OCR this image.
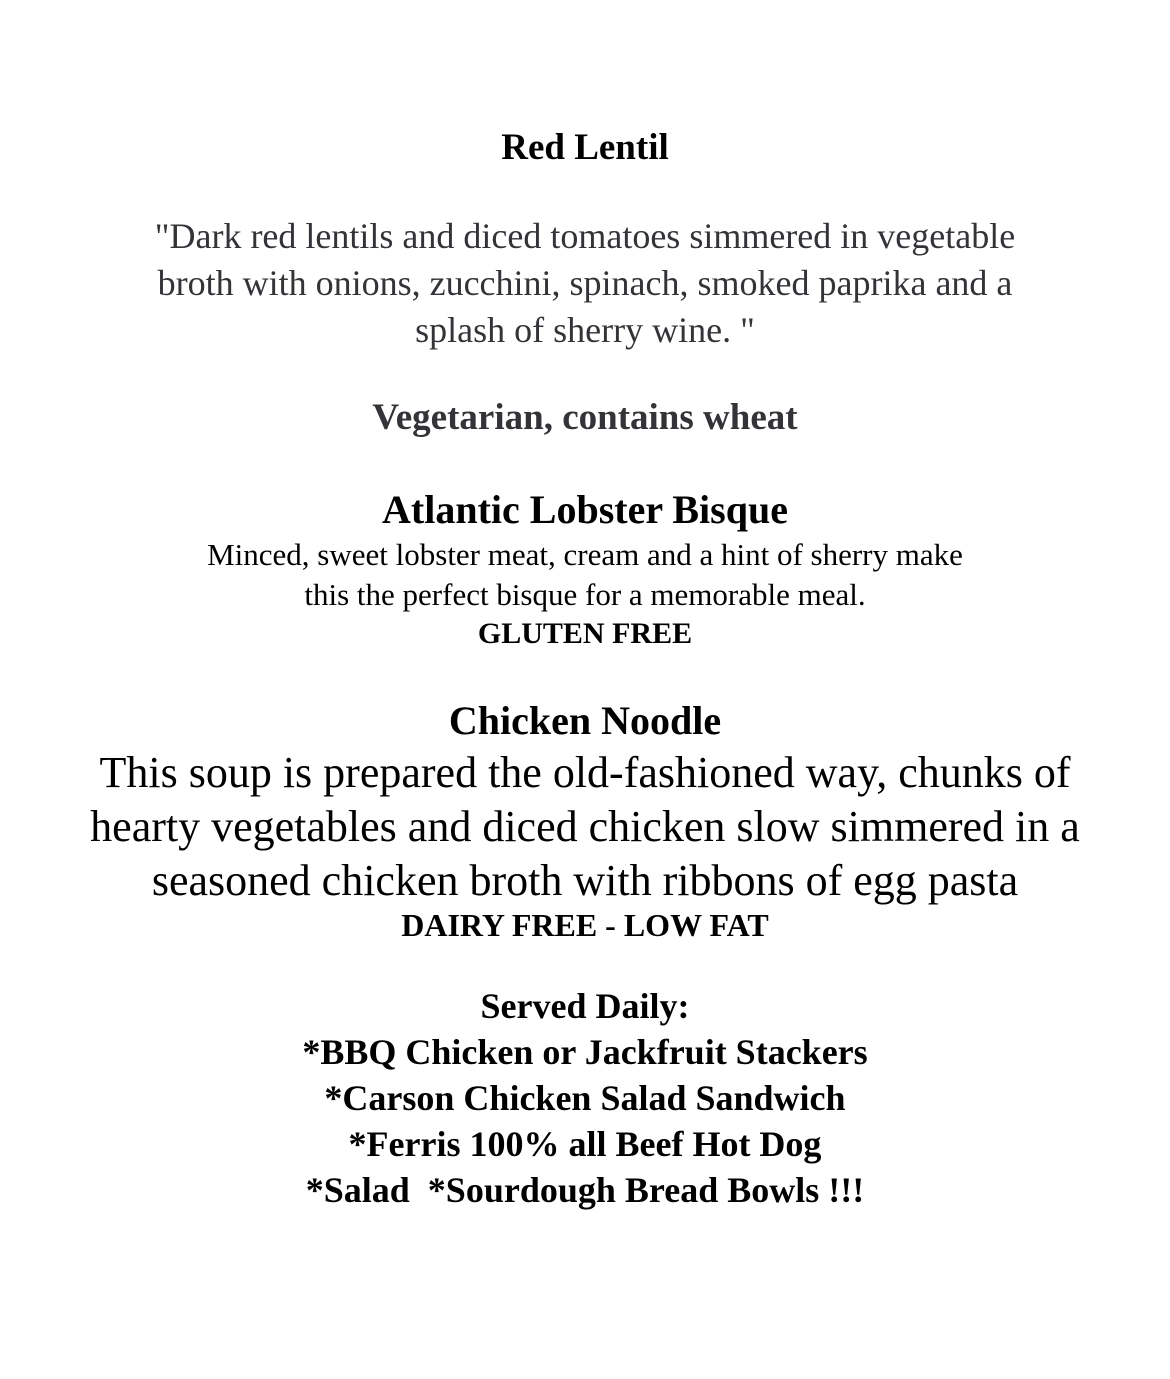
Red Lentil
"Dark red lentils and diced tomatoes simmered in vegetable
broth with onions, zucchini, spinach, smoked paprika and a
splash of sherry wine. "
Vegetarian, contains wheat
Atlantic Lobster Bisque
Minced, sweet lobster meat, cream and a hint of sherry make
this the perfect bisque for a memorable meal.
GLUTEN FREE
Chicken Noodle
This soup is prepared the old-fashioned way, chunks of
hearty vegetables and diced chicken slow simmered in a
seasoned chicken broth with ribbons of egg pasta
DAIRY FREE - LOW FAT
Served Daily:
*BBQ Chicken or Jackfruit Stackers
*Carson Chicken Salad Sandwich
*Ferris 100% all Beef Hot Dog
*Salad  *Sourdough Bread Bowls !!!
